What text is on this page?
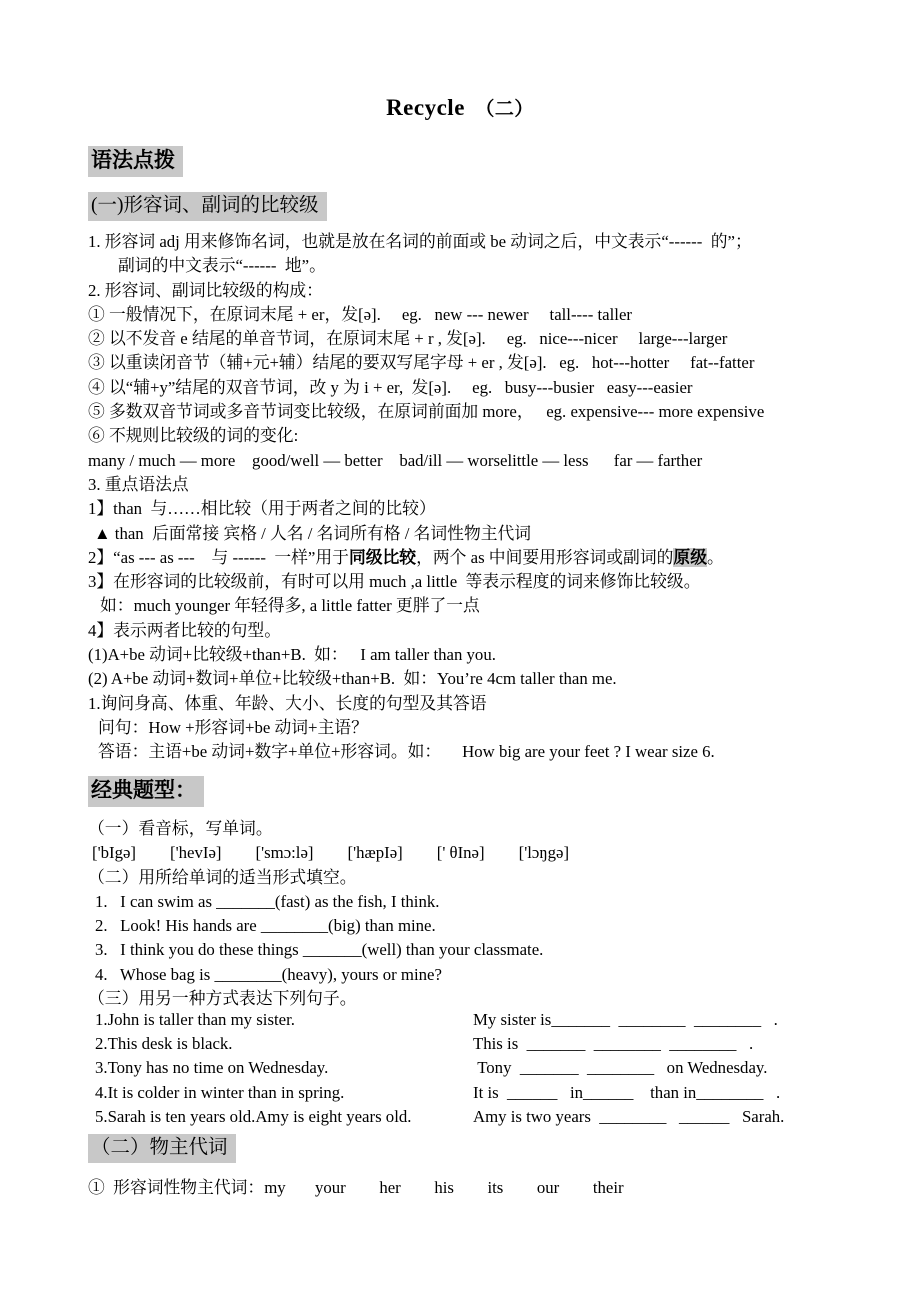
Recycle （二）
语法点拨
(一)形容词、副词的比较级
1. 形容词 adj 用来修饰名词，也就是放在名词的前面或 be 动词之后，中文表示“------  的”；
副词的中文表示“------  地”。
2. 形容词、副词比较级的构成：
① 一般情况下，在原词末尾 + er，发[ə].     eg.   new --- newer     tall---- taller
② 以不发音 e 结尾的单音节词，在原词末尾 + r , 发[ə].     eg.   nice---nicer     large---larger
③ 以重读闭音节（辅+元+辅）结尾的要双写尾字母 + er , 发[ə].   eg.   hot---hotter     fat--fatter
④ 以“辅+y”结尾的双音节词，改 y 为 i + er,  发[ə].     eg.   busy---busier   easy---easier
⑤ 多数双音节词或多音节词变比较级，在原词前面加 more，   eg. expensive--- more expensive
⑥ 不规则比较级的词的变化:
many / much — more    good/well — better    bad/ill — worselittle — less      far — farther
3. 重点语法点
1】than  与……相比较（用于两者之间的比较）
▲ than  后面常接 宾格 / 人名 / 名词所有格 / 名词性物主代词
2】“as --- as ---    与 ------  一样”用于同级比较，两个 as 中间要用形容词或副词的原级。
3】在形容词的比较级前，有时可以用 much ,a little  等表示程度的词来修饰比较级。
如：much younger 年轻得多, a little fatter 更胖了一点
4】表示两者比较的句型。
(1)A+be 动词+比较级+than+B.  如：   I am taller than you.
(2) A+be 动词+数词+单位+比较级+than+B.  如：You’re 4cm taller than me.
1.询问身高、体重、年龄、大小、长度的句型及其答语
问句：How +形容词+be 动词+主语？
答语：主语+be 动词+数字+单位+形容词。如：     How big are your feet ? I wear size 6.
经典题型：
（一）看音标，写单词。
['bIgə] ['hevIə] ['smɔ:lə] ['hæpIə] [' θInə] ['lɔŋgə]
（二）用所给单词的适当形式填空。
1.   I can swim as _______(fast) as the fish, I think.
2.   Look! His hands are ________(big) than mine.
3.   I think you do these things _______(well) than your classmate.
4.   Whose bag is ________(heavy), yours or mine?
（三）用另一种方式表达下列句子。
1.John is taller than my sister.	My sister is_______  ________  ________   .
2.This desk is black.	This is  _______  ________  ________   .
3.Tony has no time on Wednesday.	Tony  _______  ________   on Wednesday.
4.It is colder in winter than in spring.	It is  ______   in______    than in________   .
5.Sarah is ten years old.Amy is eight years old.	Amy is two years  ________   ______   Sarah.
（二）物主代词
①  形容词性物主代词：my       your        her        his        its        our        their
